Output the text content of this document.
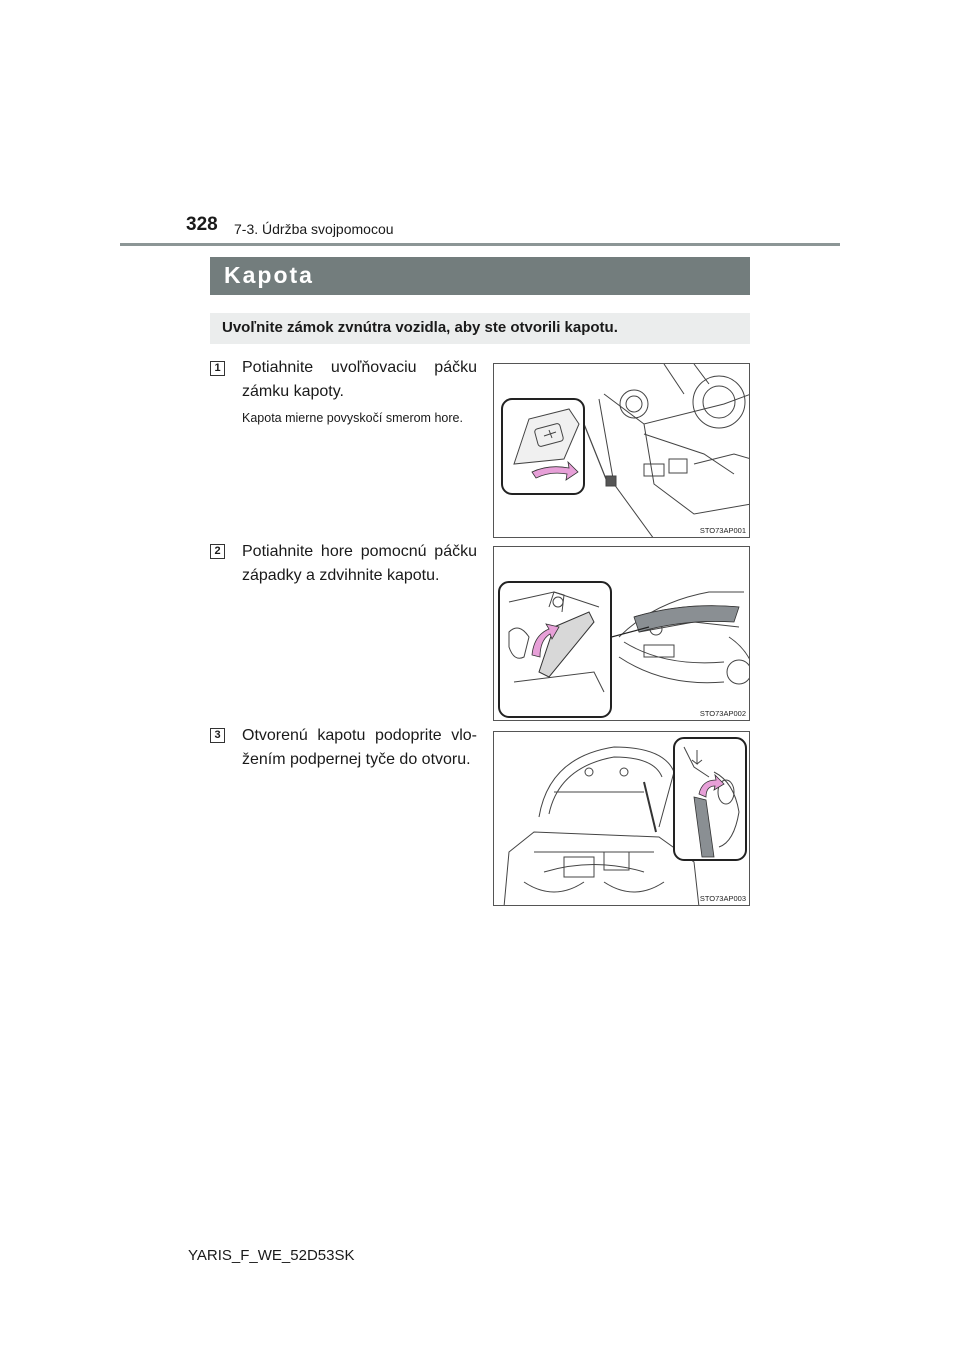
328 7-3. Údržba svojpomocou
Kapota
Uvoľnite zámok zvnútra vozidla, aby ste otvorili kapotu.
1 Potiahnite uvoľňovaciu páčku zámku kapoty.
Kapota mierne povyskočí smerom hore.
STO73AP001
2 Potiahnite hore pomocnú páčku západky a zdvihnite kapotu.
STO73AP002
3 Otvorenú kapotu podoprite vlo-žením podpernej tyče do otvoru.
STO73AP003
YARIS_F_WE_52D53SK
